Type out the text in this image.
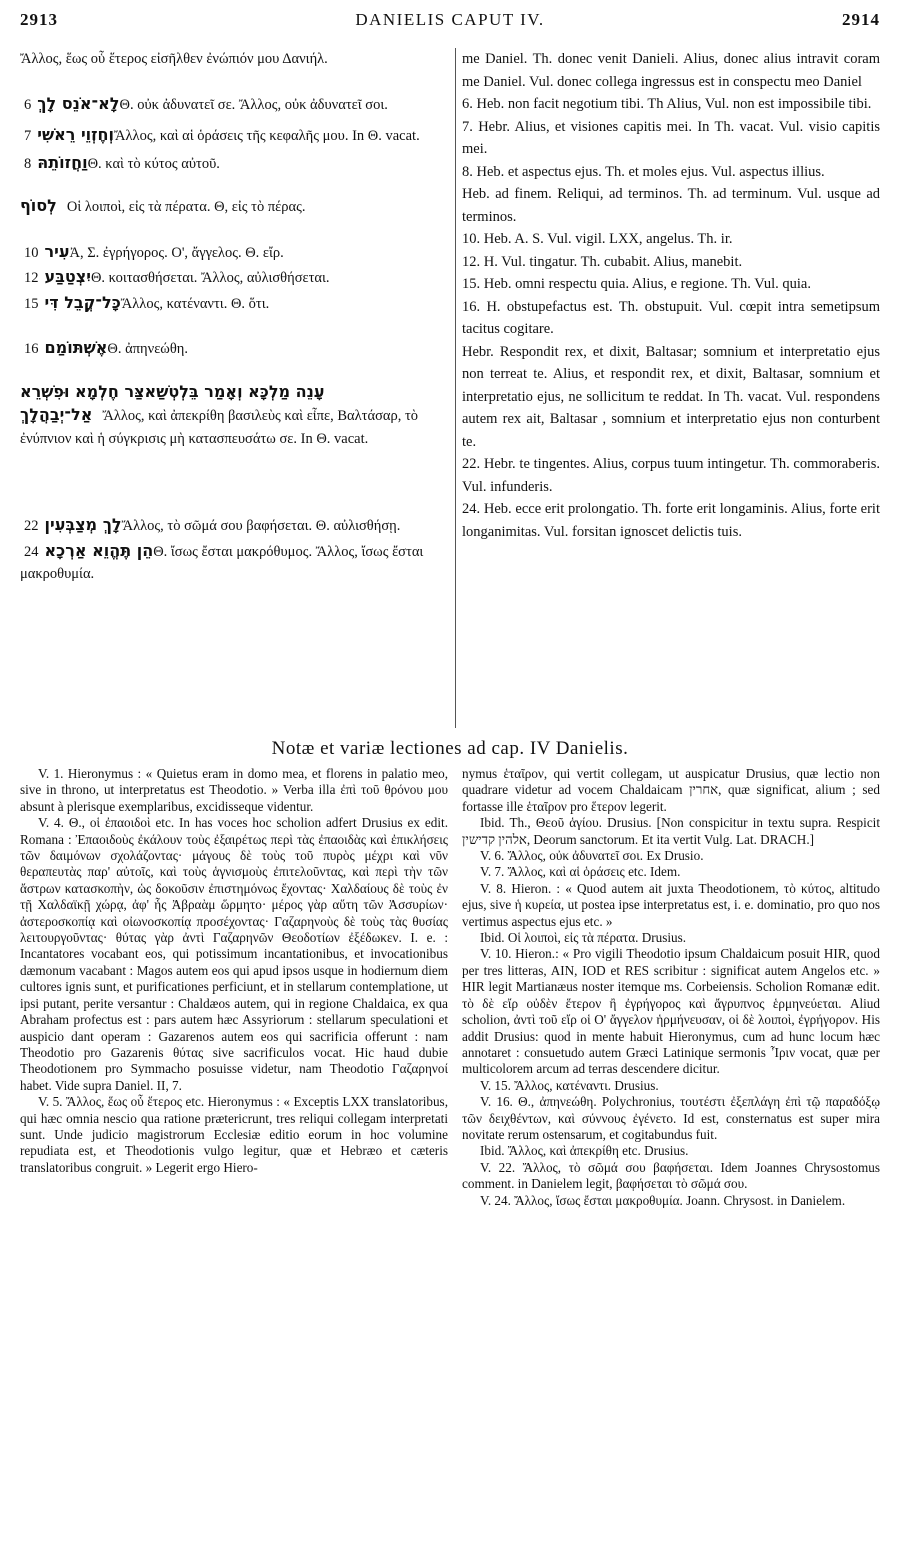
2913	DANIELIS CAPUT IV.	2914
Ἄλλος, ἕως οὗ ἕτερος εἰσῆλθεν ἐνώπιόν μου Δανιήλ.
לָא־אֹנֵס לָךְ6	Θ. οὐκ ἀδυνατεῖ σε. Ἄλλος, οὐκ ἀδυνατεῖ σοι.
וְחֶזְוֵי רֵאשִׁי7	Ἄλλος, καὶ αἱ ὁράσεις τῆς κεφαλῆς μου. In Θ. vacat.
וַחֲזוֹתֵהּ8	Θ. καὶ τὸ κύτος αὐτοῦ.
לְסוֹף Οἱ λοιποὶ, εἰς τὰ πέρατα. Θ, εἰς τὸ πέρας.
עִיר10 Ἀ, Σ. ἐγρήγορος. Ο', ἄγγελος. Θ. εἴρ.
יִצְטַבַּע12	Θ. κοιτασθήσεται. Ἄλλος, αὐλισθήσεται.
כָּל־קֳבֵל דִּי15	Ἄλλος, κατέναντι. Θ. ὅτι.
אֶשְׁתּוֹמַם16	Θ. ἀπηνεώθη.
עָנֵה מַלְכָּא וְאָמַר בֵּלְטְשַׁאצַּר חֶלְמָא וּפִשְׁרֵא אַל־יְבַהֲלָךְ Ἄλλος, καὶ ἀπεκρίθη βασιλεὺς καὶ εἶπε, Βαλτάσαρ, τὸ ἐνύπνιον καὶ ἡ σύγκρισις μὴ κατασπευσάτω σε. In Θ. vacat.
לָךְ מְצַבְּעִין22	Ἄλλος, τὸ σῶμά σου βαφήσεται. Θ. αὐλισθήσῃ.
הֵן תֶּהֱוֵא אַרְכָא24	Θ. ἴσως ἔσται μακρόθυμος. Ἄλλος, ἴσως ἔσται μακροθυμία.

me Daniel. Th. donec venit Danieli. Alius, donec alius intravit coram me Daniel. Vul. donec collega ingressus est in conspectu meo Daniel

6. Heb. non facit negotium tibi. Th Alius, Vul. non est impossibile tibi.

7. Hebr. Alius, et visiones capitis mei. In Th. vacat. Vul. visio capitis mei.

8. Heb. et aspectus ejus. Th. et moles ejus. Vul. aspectus illius.

Heb. ad finem. Reliqui, ad terminos. Th. ad terminum. Vul. usque ad terminos.

10. Heb. A. S. Vul. vigil. LXX, angelus. Th. ir.

12. H. Vul. tingatur. Th. cubabit. Alius, manebit.

15. Heb. omni respectu quia. Alius, e regione. Th. Vul. quia.

16. H. obstupefactus est. Th. obstupuit. Vul. cœpit intra semetipsum tacitus cogitare.

Hebr. Respondit rex, et dixit, Baltasar; somnium et interpretatio ejus non terreat te. Alius, et respondit rex, et dixit, Baltasar, somnium et interpretatio ejus, ne sollicitum te reddat. In Th. vacat. Vul. respondens autem rex ait, Baltasar , somnium et interpretatio ejus non conturbent te.

22. Hebr. te tingentes. Alius, corpus tuum intingetur. Th. commoraberis. Vul. infunderis.

24. Heb. ecce erit prolongatio. Th. forte erit longaminis. Alius, forte erit longanimitas. Vul. forsitan ignoscet delictis tuis.

Notæ et variæ lectiones ad cap. IV Danielis.

V. 1. Hieronymus : « Quietus eram in domo mea, et florens in palatio meo, sive in throno, ut interpretatus est Theodotio. » Verba illa ἐπὶ τοῦ θρόνου μου absunt à plerisque exemplaribus, excidisseque videntur.

V. 4. Θ., οἱ ἐπαοιδοὶ etc. In has voces hoc scholion adfert Drusius ex edit. Romana : Ἐπαοιδοὺς ἐκάλουν τοὺς ἐξαιρέτως περὶ τὰς ἐπαοιδὰς καὶ ἐπικλήσεις τῶν δαιμόνων σχολάζοντας· μάγους δὲ τοὺς τοῦ πυρὸς μέχρι καὶ νῦν θεραπευτὰς παρ' αὐτοῖς, καὶ τοὺς ἁγνισμοὺς ἐπιτελοῦντας, καὶ περὶ τὴν τῶν ἄστρων κατασκοπὴν, ὡς δοκοῦσιν ἐπιστημόνως ἔχοντας· Χαλδαίους δὲ τοὺς ἐν τῇ Χαλδαϊκῇ χώρᾳ, ἀφ' ἧς Ἀβραὰμ ὥρμητο· μέρος γὰρ αὕτη τῶν Ἀσσυρίων· ἀστεροσκοπίᾳ καὶ οἰωνοσκοπίᾳ προσέχοντας· Γαζαρηνοὺς δὲ τοὺς τὰς θυσίας λειτουργοῦντας· θύτας γὰρ ἀντὶ Γαζαρηνῶν Θεοδοτίων ἐξέδωκεν. I. e. : Incantatores vocabant eos, qui potissimum incantationibus, et invocationibus dæmonum vacabant : Magos autem eos qui apud ipsos usque in hodiernum diem cultores ignis sunt, et purificationes perficiunt, et in stellarum contemplatione, ut ipsi putant, perite versantur : Chaldæos autem, qui in regione Chaldaica, ex qua Abraham profectus est : pars autem hæc Assyriorum : stellarum speculationi et auspicio dant operam : Gazarenos autem eos qui sacrificia offerunt : nam Theodotio pro Gazarenis θύτας sive sacrificulos vocat. Hic haud dubie Theodotionem pro Symmacho posuisse videtur, nam Theodotio Γαζαρηνοί habet. Vide supra Daniel. II, 7.

V. 5. Ἄλλος, ἕως οὗ ἕτερος etc. Hieronymus : « Exceptis LXX translatoribus, qui hæc omnia nescio qua ratione prætericrunt, tres reliqui collegam interpretati sunt. Unde judicio magistrorum Ecclesiæ editio eorum in hoc volumine repudiata est, et Theodotionis vulgo legitur, quæ et Hebræo et cæteris translatoribus congruit. » Legerit ergo Hiero-

nymus ἑταῖρον, qui vertit collegam, ut auspicatur Drusius, quæ lectio non quadrare videtur ad vocem Chaldaicam אחרין, quæ significat, alium ; sed fortasse ille ἑταῖρον pro ἕτερον legerit.

Ibid. Th., Θεοῦ ἁγίου. Drusius. [Non conspicitur in textu supra. Respicit אלהין קדישין, Deorum sanctorum. Et ita vertit Vulg. Lat. DRACH.]

V. 6. Ἄλλος, οὐκ ἀδυνατεῖ σοι. Ex Drusio.

V. 7. Ἄλλος, καὶ αἱ ὁράσεις etc. Idem.

V. 8. Hieron. : « Quod autem ait juxta Theodotionem, τὸ κύτος, altitudo ejus, sive ἡ κυρεία, ut postea ipse interpretatus est, i. e. dominatio, pro quo nos vertimus aspectus ejus etc. »

Ibid. Οἱ λοιποὶ, εἰς τὰ πέρατα. Drusius.

V. 10. Hieron.: « Pro vigili Theodotio ipsum Chaldaicum posuit HIR, quod per tres litteras, AIN, IOD et RES scribitur : significat autem Angelos etc. » HIR legit Martianæus noster itemque ms. Corbeiensis. Scholion Romanæ edit. τὸ δὲ εἴρ οὐδὲν ἕτερον ἢ ἐγρήγορος καὶ ἄγρυπνος ἑρμηνεύεται. Aliud scholion, ἀντὶ τοῦ εἴρ οἱ Ο' ἄγγελον ἡρμήνευσαν, οἱ δὲ λοιποὶ, ἐγρήγορον. His addit Drusius: quod in mente habuit Hieronymus, cum ad hunc locum hæc annotaret : consuetudo autem Græci Latinique sermonis Ἶριν vocat, quæ per multicolorem arcum ad terras descendere dicitur.

V. 15. Ἄλλος, κατέναντι. Drusius.

V. 16. Θ., ἀπηνεώθη. Polychronius, τουτέστι ἐξεπλάγη ἐπὶ τῷ παραδόξῳ τῶν δειχθέντων, καὶ σύννους ἐγένετο. Id est, consternatus est super mira novitate rerum ostensarum, et cogitabundus fuit.

Ibid. Ἄλλος, καὶ ἀπεκρίθη etc. Drusius.

V. 22. Ἄλλος, τὸ σῶμά σου βαφήσεται. Idem Joannes Chrysostomus comment. in Danielem legit, βαφήσεται τὸ σῶμά σου.

V. 24. Ἄλλος, ἴσως ἔσται μακροθυμία. Joann. Chrysost. in Danielem.
